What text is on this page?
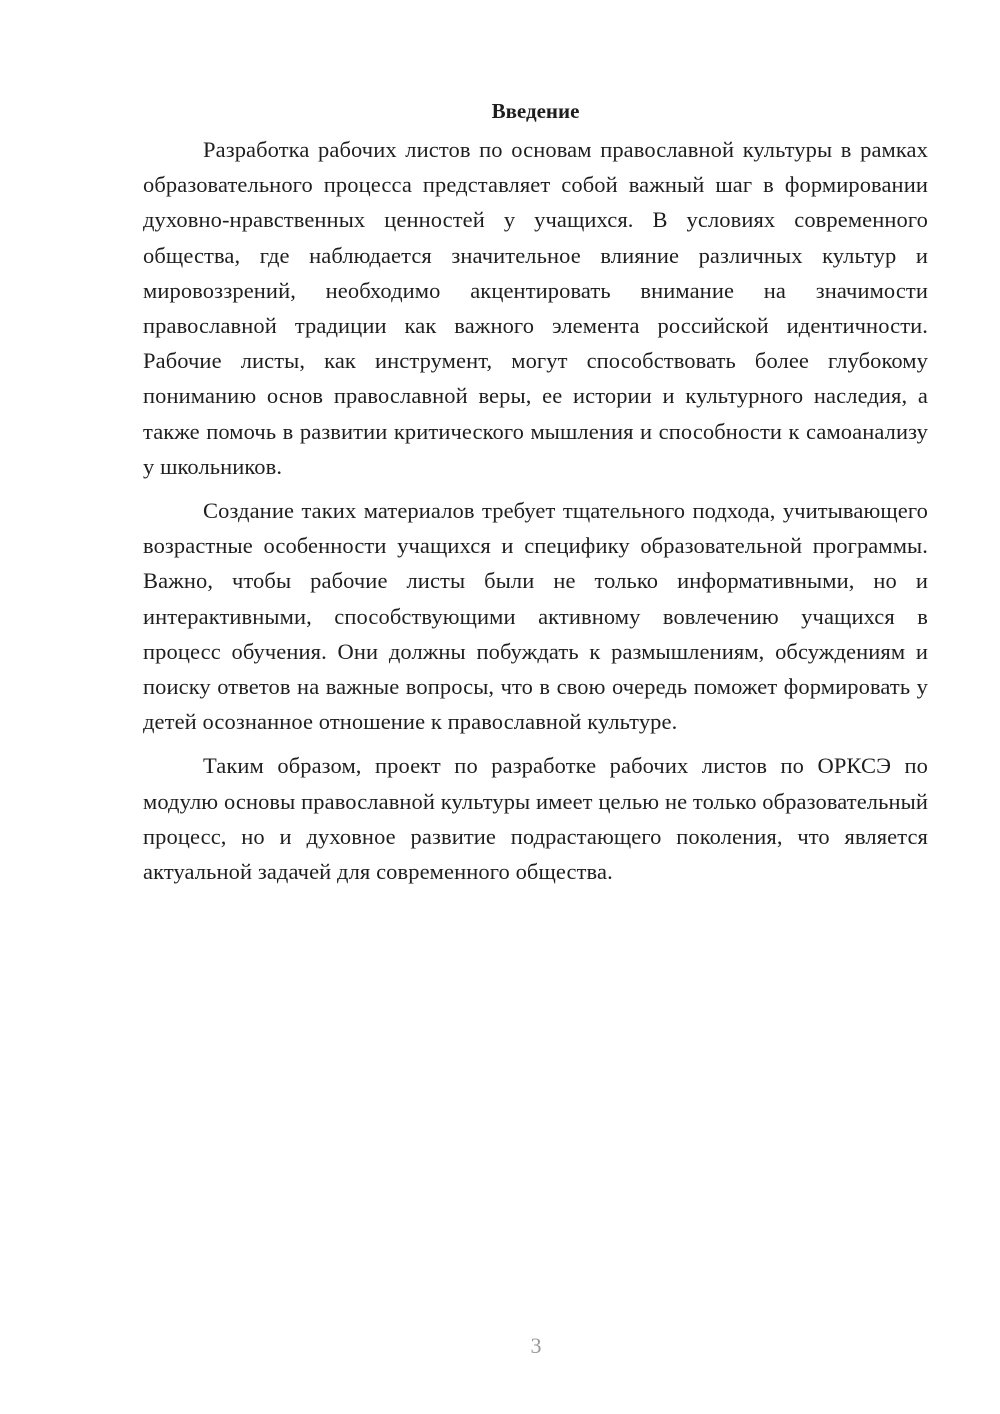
Введение

Разработка рабочих листов по основам православной культуры в рамках образовательного процесса представляет собой важный шаг в формировании духовно-нравственных ценностей у учащихся. В условиях современного общества, где наблюдается значительное влияние различных культур и мировоззрений, необходимо акцентировать внимание на значимости православной традиции как важного элемента российской идентичности. Рабочие листы, как инструмент, могут способствовать более глубокому пониманию основ православной веры, ее истории и культурного наследия, а также помочь в развитии критического мышления и способности к самоанализу у школьников.

Создание таких материалов требует тщательного подхода, учитывающего возрастные особенности учащихся и специфику образовательной программы. Важно, чтобы рабочие листы были не только информативными, но и интерактивными, способствующими активному вовлечению учащихся в процесс обучения. Они должны побуждать к размышлениям, обсуждениям и поиску ответов на важные вопросы, что в свою очередь поможет формировать у детей осознанное отношение к православной культуре.

Таким образом, проект по разработке рабочих листов по ОРКСЭ по модулю основы православной культуры имеет целью не только образовательный процесс, но и духовное развитие подрастающего поколения, что является актуальной задачей для современного общества.

3
